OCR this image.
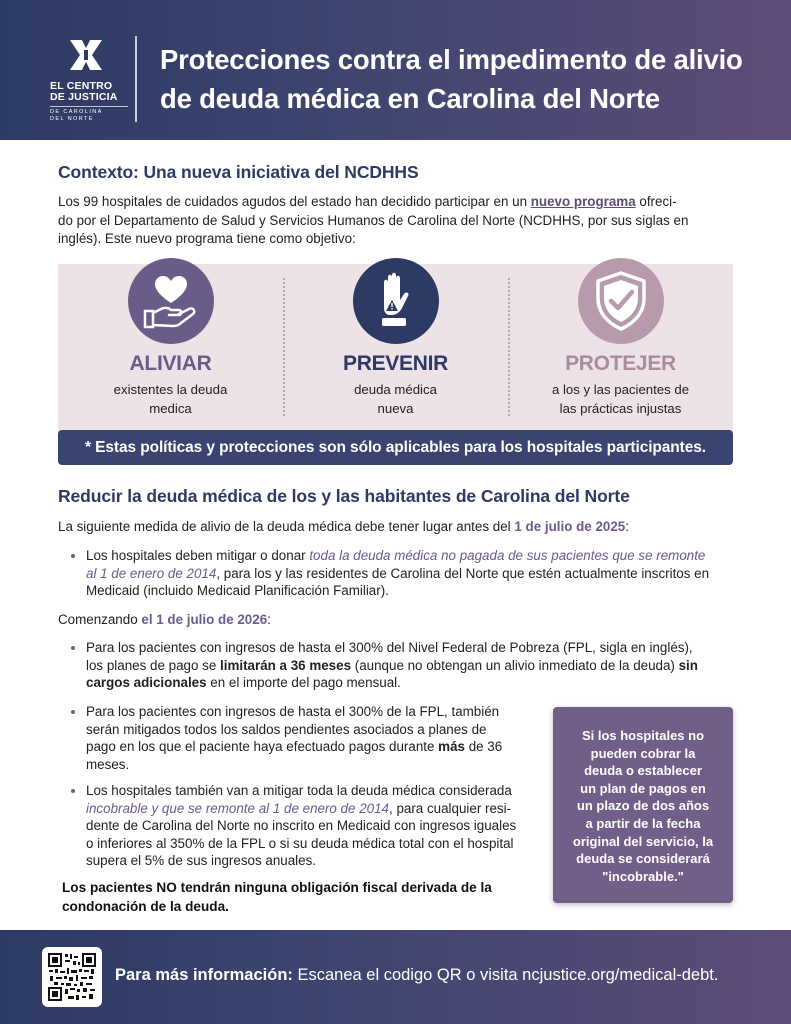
EL CENTRO
DE JUSTICIA
DE CAROLINA
DEL NORTE
Protecciones contra el impedimento de alivio
de deuda médica en Carolina del Norte
Contexto: Una nueva iniciativa del NCDHHS
Los 99 hospitales de cuidados agudos del estado han decidido participar en un nuevo programa ofreci-
do por el Departamento de Salud y Servicios Humanos de Carolina del Norte (NCDHHS, por sus siglas en
inglés). Este nuevo programa tiene como objetivo:
ALIVIAR
existentes la deuda
medica
PREVENIR
deuda médica
nueva
PROTEJER
a los y las pacientes de
las prácticas injustas
* Estas políticas y protecciones son sólo aplicables para los hospitales participantes.
Reducir la deuda médica de los y las habitantes de Carolina del Norte
La siguiente medida de alivio de la deuda médica debe tener lugar antes del 1 de julio de 2025:
Los hospitales deben mitigar o donar toda la deuda médica no pagada de sus pacientes que se remonte
al 1 de enero de 2014, para los y las residentes de Carolina del Norte que estén actualmente inscritos en
Medicaid (incluido Medicaid Planificación Familiar).
Comenzando el 1 de julio de 2026:
Para los pacientes con ingresos de hasta el 300% del Nivel Federal de Pobreza (FPL, sigla en inglés),
los planes de pago se limitarán a 36 meses (aunque no obtengan un alivio inmediato de la deuda) sin
cargos adicionales en el importe del pago mensual.
Para los pacientes con ingresos de hasta el 300% de la FPL, también
serán mitigados todos los saldos pendientes asociados a planes de
pago en los que el paciente haya efectuado pagos durante más de 36
meses.
Los hospitales también van a mitigar toda la deuda médica considerada
incobrable y que se remonte al 1 de enero de 2014, para cualquier resi-
dente de Carolina del Norte no inscrito en Medicaid con ingresos iguales
o inferiores al 350% de la FPL o si su deuda médica total con el hospital
supera el 5% de sus ingresos anuales.
Los pacientes NO tendrán ninguna obligación fiscal derivada de la
condonación de la deuda.
Si los hospitales no
pueden cobrar la
deuda o establecer
un plan de pagos en
un plazo de dos años
a partir de la fecha
original del servicio, la
deuda se considerará
"incobrable."
Para más información: Escanea el codigo QR o visita ncjustice.org/medical-debt.
